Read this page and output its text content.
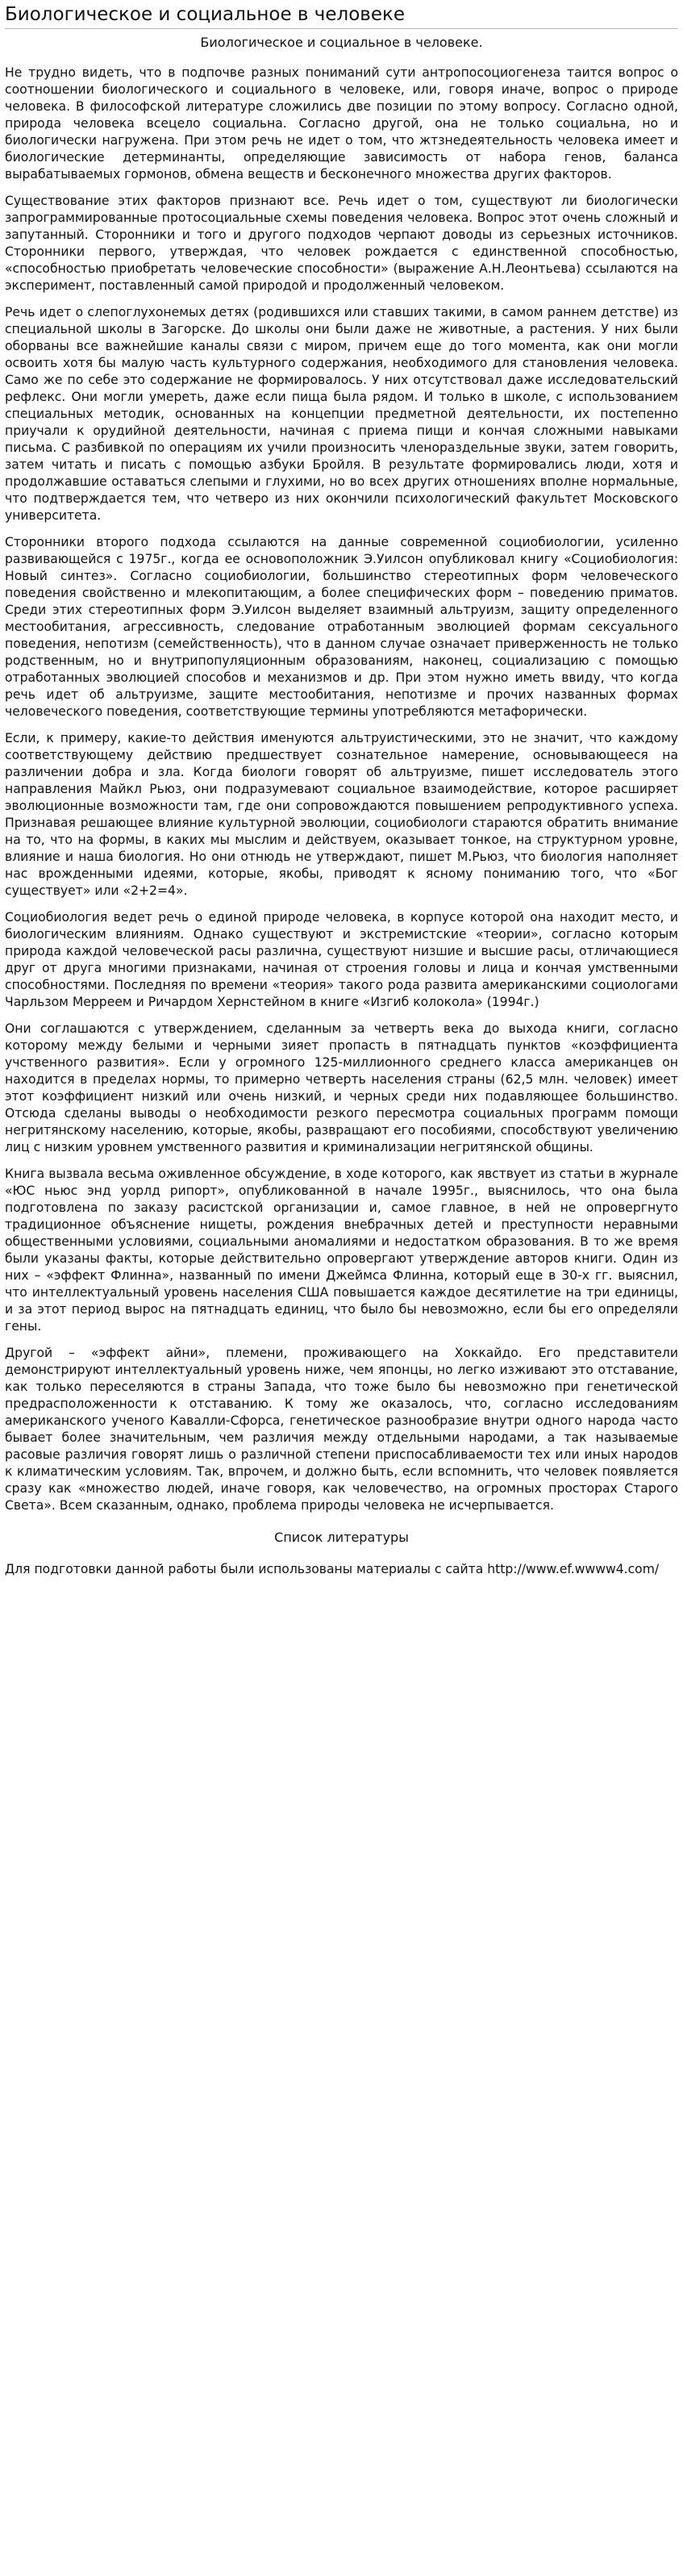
Биологическое и социальное в человеке
Биологическое и социальное в человеке.

Не трудно видеть, что в подпочве разных пониманий сути антропосоциогенеза таится вопрос о соотношении биологического и социального в человеке, или, говоря иначе, вопрос о природе человека. В философской литературе сложились две позиции по этому вопросу. Согласно одной, природа человека всецело социальна. Согласно другой, она не только социальна, но и биологически нагружена. При этом речь не идет о том, что жтзнедеятельность человека имеет и биологические детерминанты, определяющие зависимость от набора генов, баланса вырабатываемых гормонов, обмена веществ и бесконечного множества других факторов.

Существование этих факторов признают все. Речь идет о том, существуют ли биологически запрограммированные протосоциальные схемы поведения человека. Вопрос этот очень сложный и запутанный. Сторонники и того и другого подходов черпают доводы из серьезных источников. Сторонники первого, утверждая, что человек рождается с единственной способностью, «способностью приобретать человеческие способности» (выражение А.Н.Леонтьева) ссылаются на эксперимент, поставленный самой природой и продолженный человеком.

Речь идет о слепоглухонемых детях (родившихся или ставших такими, в самом раннем детстве) из специальной школы в Загорске. До школы они были даже не животные, а растения. У них были оборваны все важнейшие каналы связи с миром, причем еще до того момента, как они могли освоить хотя бы малую часть культурного содержания, необходимого для становления человека. Само же по себе это содержание не формировалось. У них отсутствовал даже исследовательский рефлекс. Они могли умереть, даже если пища была рядом. И только в школе, с использованием специальных методик, основанных на концепции предметной деятельности, их постепенно приучали к орудийной деятельности, начиная с приема пищи и кончая сложными навыками письма. С разбивкой по операциям их учили произносить членораздельные звуки, затем говорить, затем читать и писать с помощью азбуки Бройля. В результате формировались люди, хотя и продолжавшие оставаться слепыми и глухими, но во всех других отношениях вполне нормальные, что подтверждается тем, что четверо из них окончили психологический факультет Московского университета.

Сторонники второго подхода ссылаются на данные современной социобиологии, усиленно развивающейся с 1975г., когда ее основоположник Э.Уилсон опубликовал книгу «Социобиология: Новый синтез». Согласно социобиологии, большинство стереотипных форм человеческого поведения свойственно и млекопитающим, а более специфических форм – поведению приматов. Среди этих стереотипных форм Э.Уилсон выделяет взаимный альтруизм, защиту определенного местообитания, агрессивность, следование отработанным эволюцией формам сексуального поведения, непотизм (семейственность), что в данном случае означает приверженность не только родственным, но и внутрипопуляционным образованиям, наконец, социализацию с помощью отработанных эволюцией способов и механизмов и др. При этом нужно иметь ввиду, что когда речь идет об альтруизме, защите местообитания, непотизме и прочих названных формах человеческого поведения, соответствующие термины употребляются метафорически.

Если, к примеру, какие-то действия именуются альтруистическими, это не значит, что каждому соответствующему действию предшествует сознательное намерение, основывающееся на различении добра и зла. Когда биологи говорят об альтруизме, пишет исследователь этого направления Майкл Рьюз, они подразумевают социальное взаимодействие, которое расширяет эволюционные возможности там, где они сопровождаются повышением репродуктивного успеха. Признавая решающее влияние культурной эволюции, социобиологи стараются обратить внимание на то, что на формы, в каких мы мыслим и действуем, оказывает тонкое, на структурном уровне, влияние и наша биология. Но они отнюдь не утверждают, пишет М.Рьюз, что биология наполняет нас врожденными идеями, которые, якобы, приводят к ясному пониманию того, что «Бог существует» или «2+2=4».

Социобиология ведет речь о единой природе человека, в корпусе которой она находит место, и биологическим влияниям. Однако существуют и экстремистские «теории», согласно которым природа каждой человеческой расы различна, существуют низшие и высшие расы, отличающиеся друг от друга многими признаками, начиная от строения головы и лица и кончая умственными способностями. Последняя по времени «теория» такого рода развита американскими социологами Чарльзом Мерреем и Ричардом Хернстейном в книге «Изгиб колокола» (1994г.)

Они соглашаются с утверждением, сделанным за четверть века до выхода книги, согласно которому между белыми и черными зияет пропасть в пятнадцать пунктов «коэффициента учственного развития». Если у огромного 125-миллионного среднего класса американцев он находится в пределах нормы, то примерно четверть населения страны (62,5 млн. человек) имеет этот коэффициент низкий или очень низкий, и черных среди них подавляющее большинство. Отсюда сделаны выводы о необходимости резкого пересмотра социальных программ помощи негритянскому населению, которые, якобы, развращают его пособиями, способствуют увеличению лиц с низким уровнем умственного развития и криминализации негритянской общины.

Книга вызвала весьма оживленное обсуждение, в ходе которого, как явствует из статьи в журнале «ЮС ньюс энд уорлд рипорт», опубликованной в начале 1995г., выяснилось, что она была подготовлена по заказу расистской организации и, самое главное, в ней не опровергнуто традиционное объяснение нищеты, рождения внебрачных детей и преступности неравными общественными условиями, социальными аномалиями и недостатком образования. В то же время были указаны факты, которые действительно опровергают утверждение авторов книги. Один из них – «эффект Флинна», названный по имени Джеймса Флинна, который еще в 30-х гг. выяснил, что интеллектуальный уровень населения США повышается каждое десятилетие на три единицы, и за этот период вырос на пятнадцать единиц, что было бы невозможно, если бы его определяли гены.

Другой – «эффект айни», племени, проживающего на Хоккайдо. Его представители демонстрируют интеллектуальный уровень ниже, чем японцы, но легко изживают это отставание, как только переселяются в страны Запада, что тоже было бы невозможно при генетической предрасположенности к отставанию. К тому же оказалось, что, согласно исследованиям американского ученого Кавалли-Сфорса, генетическое разнообразие внутри одного народа часто бывает более значительным, чем различия между отдельными народами, а так называемые расовые различия говорят лишь о различной степени приспосабливаемости тех или иных народов к климатическим условиям. Так, впрочем, и должно быть, если вспомнить, что человек появляется сразу как «множество людей, иначе говоря, как человечество, на огромных просторах Старого Света». Всем сказанным, однако, проблема природы человека не исчерпывается.

Список литературы

Для подготовки данной работы были использованы материалы с сайта http://www.ef.wwww4.com/
